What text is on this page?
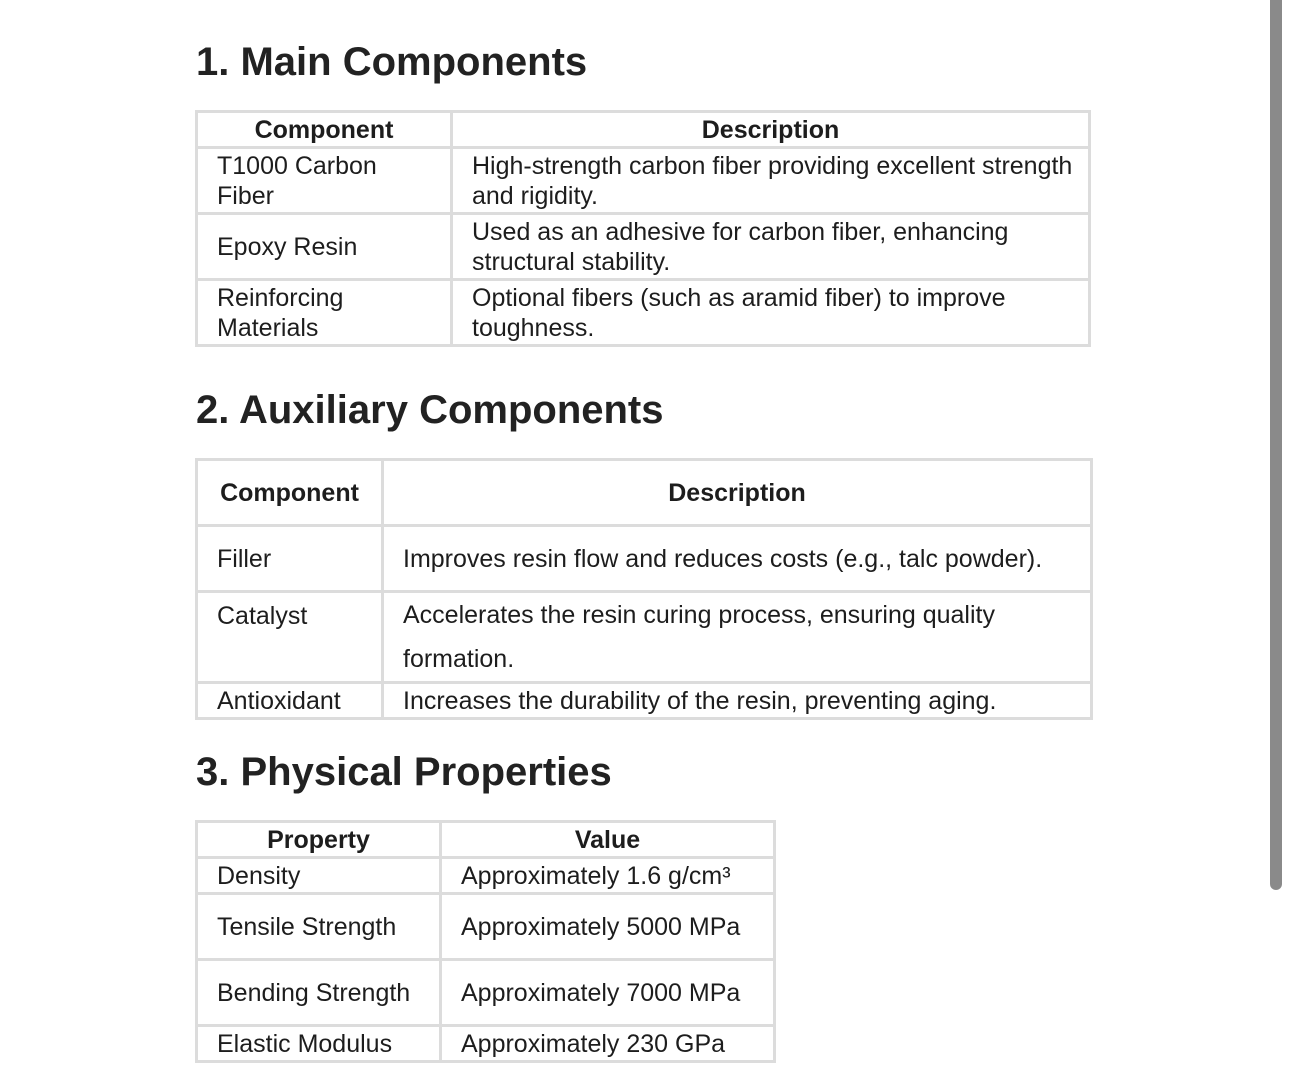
1. Main Components
Component	Description
T1000 Carbon Fiber	High-strength carbon fiber providing excellent strength and rigidity.
Epoxy Resin	Used as an adhesive for carbon fiber, enhancing structural stability.
Reinforcing Materials	Optional fibers (such as aramid fiber) to improve toughness.
2. Auxiliary Components
Component	Description
Filler	Improves resin flow and reduces costs (e.g., talc powder).
Catalyst	Accelerates the resin curing process, ensuring quality formation.
Antioxidant	Increases the durability of the resin, preventing aging.
3. Physical Properties
Property	Value
Density	Approximately 1.6 g/cm³
Tensile Strength	Approximately 5000 MPa
Bending Strength	Approximately 7000 MPa
Elastic Modulus	Approximately 230 GPa
